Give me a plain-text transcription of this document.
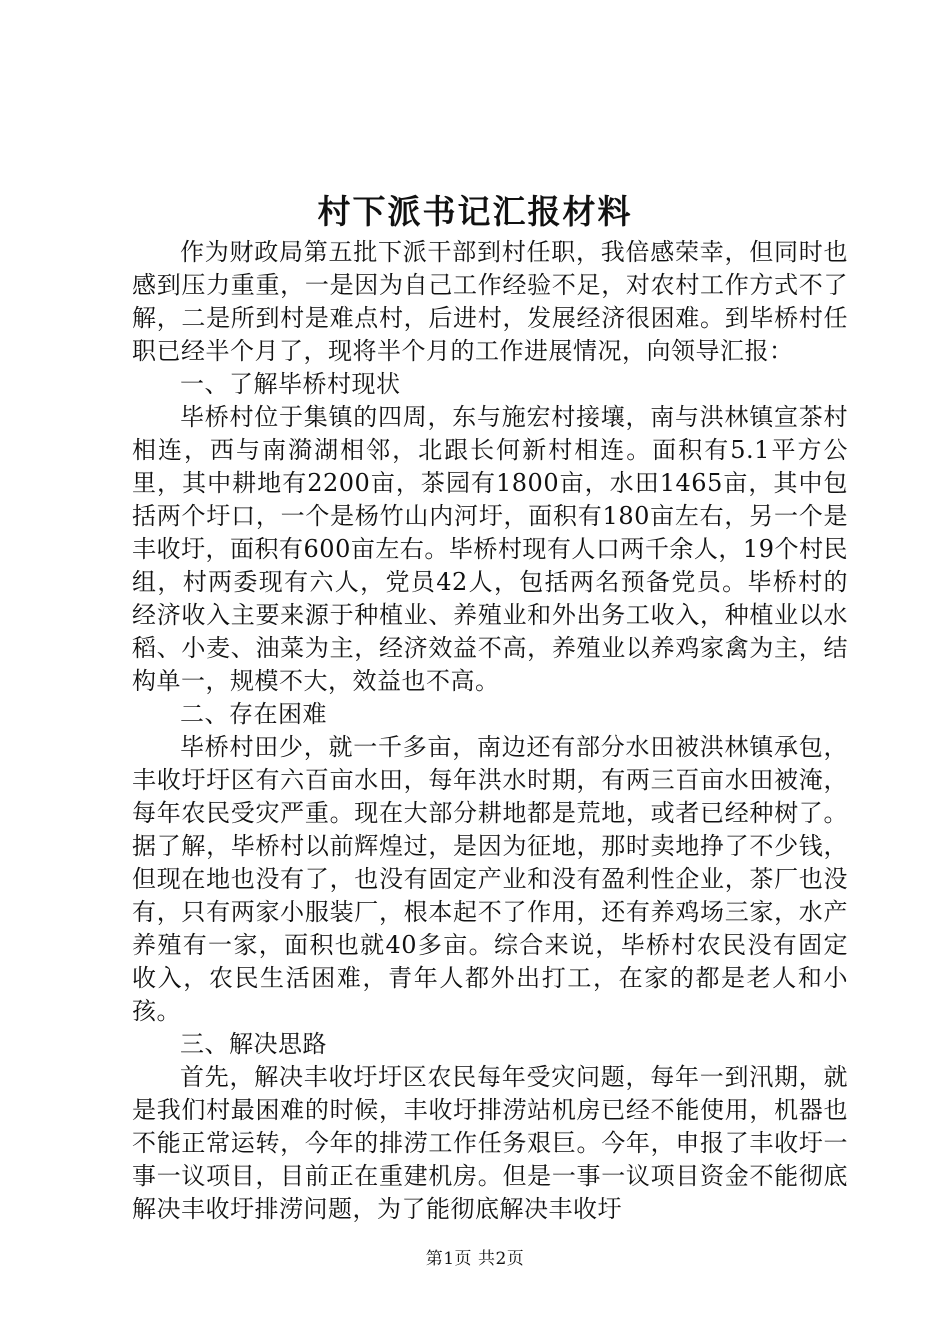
村下派书记汇报材料

作为财政局第五批下派干部到村任职，我倍感荣幸，但同时也感到压力重重，一是因为自己工作经验不足，对农村工作方式不了解，二是所到村是难点村，后进村，发展经济很困难。到毕桥村任职已经半个月了，现将半个月的工作进展情况，向领导汇报：

一、了解毕桥村现状

毕桥村位于集镇的四周，东与施宏村接壤，南与洪林镇宣茶村相连，西与南漪湖相邻，北跟长何新村相连。面积有5.1平方公里，其中耕地有2200亩，茶园有1800亩，水田1465亩，其中包括两个圩口，一个是杨竹山内河圩，面积有180亩左右，另一个是丰收圩，面积有600亩左右。毕桥村现有人口两千余人，19个村民组，村两委现有六人，党员42人，包括两名预备党员。毕桥村的经济收入主要来源于种植业、养殖业和外出务工收入，种植业以水稻、小麦、油菜为主，经济效益不高，养殖业以养鸡家禽为主，结构单一，规模不大，效益也不高。

二、存在困难

毕桥村田少，就一千多亩，南边还有部分水田被洪林镇承包，丰收圩圩区有六百亩水田，每年洪水时期，有两三百亩水田被淹，每年农民受灾严重。现在大部分耕地都是荒地，或者已经种树了。据了解，毕桥村以前辉煌过，是因为征地，那时卖地挣了不少钱，但现在地也没有了，也没有固定产业和没有盈利性企业，茶厂也没有，只有两家小服装厂，根本起不了作用，还有养鸡场三家，水产养殖有一家，面积也就40多亩。综合来说，毕桥村农民没有固定收入，农民生活困难，青年人都外出打工，在家的都是老人和小孩。

三、解决思路

首先，解决丰收圩圩区农民每年受灾问题，每年一到汛期，就是我们村最困难的时候，丰收圩排涝站机房已经不能使用，机器也不能正常运转，今年的排涝工作任务艰巨。今年，申报了丰收圩一事一议项目，目前正在重建机房。但是一事一议项目资金不能彻底解决丰收圩排涝问题，为了能彻底解决丰收圩

第1页 共2页
